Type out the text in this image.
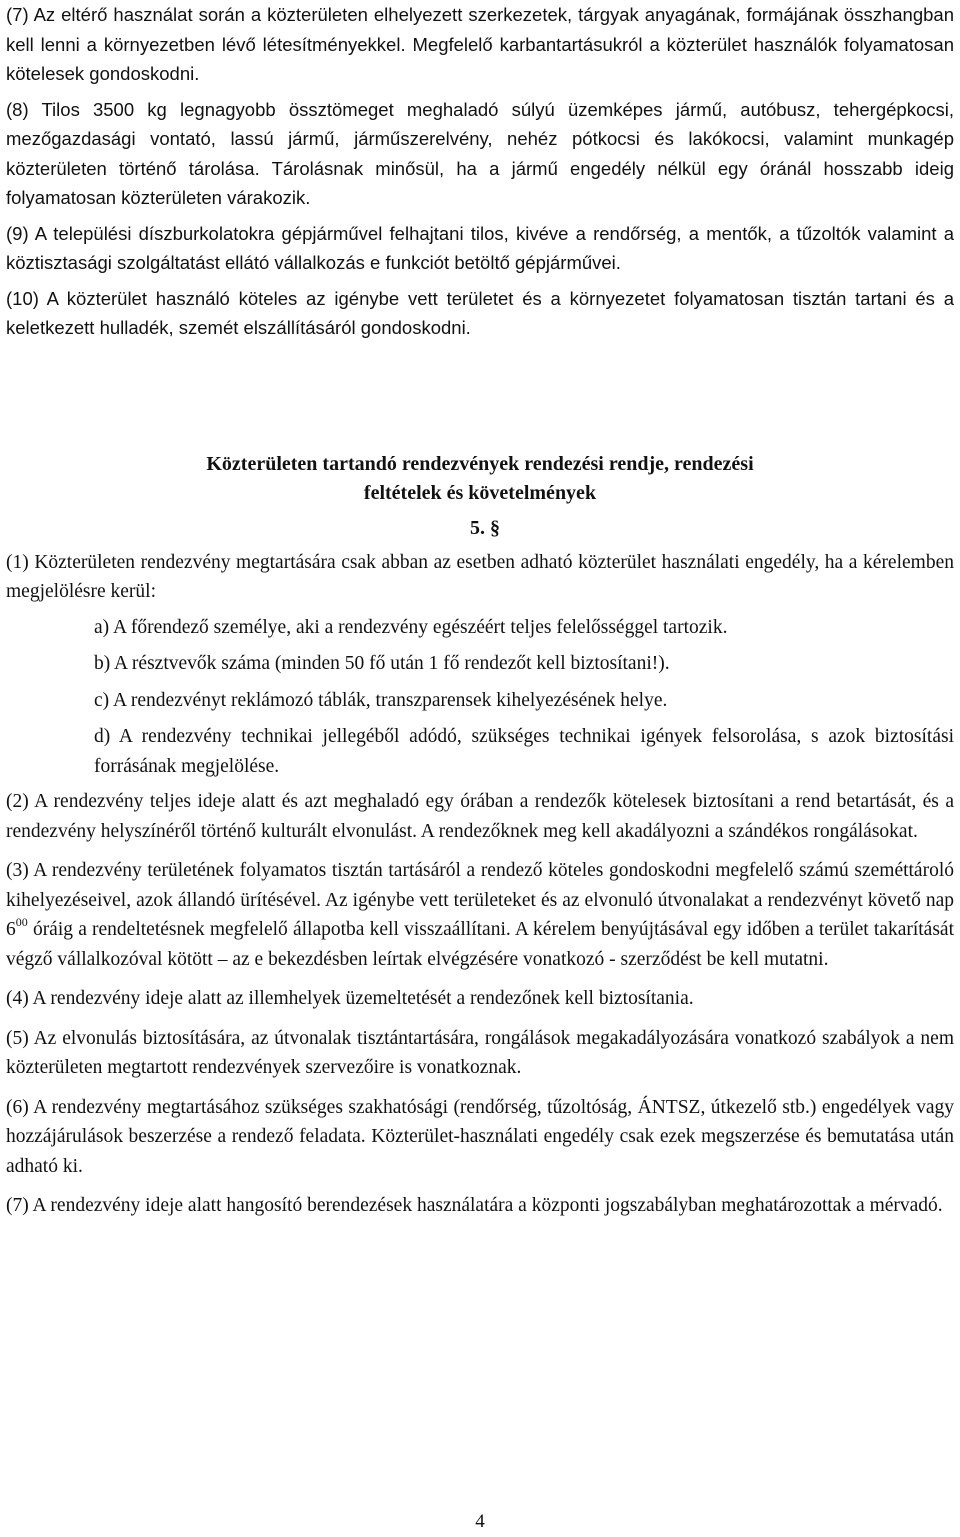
(7) Az eltérő használat során a közterületen elhelyezett szerkezetek, tárgyak anyagának, formájának összhangban kell lenni a környezetben lévő létesítményekkel. Megfelelő karbantartásukról a közterület használók folyamatosan kötelesek gondoskodni.

(8) Tilos 3500 kg legnagyobb össztömeget meghaladó súlyú üzemképes jármű, autóbusz, tehergépkocsi, mezőgazdasági vontató, lassú jármű, járműszerelvény, nehéz pótkocsi és lakókocsi, valamint munkagép közterületen történő tárolása. Tárolásnak minősül, ha a jármű engedély nélkül egy óránál hosszabb ideig folyamatosan közterületen várakozik.

(9) A települési díszburkolatokra gépjárművel felhajtani tilos, kivéve a rendőrség, a mentők, a tűzoltók valamint a köztisztasági szolgáltatást ellátó vállalkozás e funkciót betöltő gépjárművei.

(10) A közterület használó köteles az igénybe vett területet és a környezetet folyamatosan tisztán tartani és a keletkezett hulladék, szemét elszállításáról gondoskodni.

Közterületen tartandó rendezvények rendezési rendje, rendezési
feltételek és követelmények
5. §

(1) Közterületen rendezvény megtartására csak abban az esetben adható közterület használati engedély, ha a kérelemben megjelölésre kerül:

a) A főrendező személye, aki a rendezvény egészéért teljes felelősséggel tartozik.

b) A résztvevők száma (minden 50 fő után 1 fő rendezőt kell biztosítani!).

c) A rendezvényt reklámozó táblák, transzparensek kihelyezésének helye.

d) A rendezvény technikai jellegéből adódó, szükséges technikai igények felsorolása, s azok biztosítási forrásának megjelölése.

(2) A rendezvény teljes ideje alatt és azt meghaladó egy órában a rendezők kötelesek biztosítani a rend betartását, és a rendezvény helyszínéről történő kulturált elvonulást. A rendezőknek meg kell akadályozni a szándékos rongálásokat.

(3) A rendezvény területének folyamatos tisztán tartásáról a rendező köteles gondoskodni megfelelő számú szeméttároló kihelyezéseivel, azok állandó ürítésével. Az igénybe vett területeket és az elvonuló útvonalakat a rendezvényt követő nap $6^{00}$ óráig a rendeltetésnek megfelelő állapotba kell visszaállítani. A kérelem benyújtásával egy időben a terület takarítását végző vállalkozóval kötött – az e bekezdésben leírtak elvégzésére vonatkozó - szerződést be kell mutatni.

(4) A rendezvény ideje alatt az illemhelyek üzemeltetését a rendezőnek kell biztosítania.

(5) Az elvonulás biztosítására, az útvonalak tisztántartására, rongálások megakadályozására vonatkozó szabályok a nem közterületen megtartott rendezvények szervezőire is vonatkoznak.

(6) A rendezvény megtartásához szükséges szakhatósági (rendőrség, tűzoltóság, ÁNTSZ, útkezelő stb.) engedélyek vagy hozzájárulások beszerzése a rendező feladata. Közterület-használati engedély csak ezek megszerzése és bemutatása után adható ki.

(7) A rendezvény ideje alatt hangosító berendezések használatára a központi jogszabályban meghatározottak a mérvadó.

4
